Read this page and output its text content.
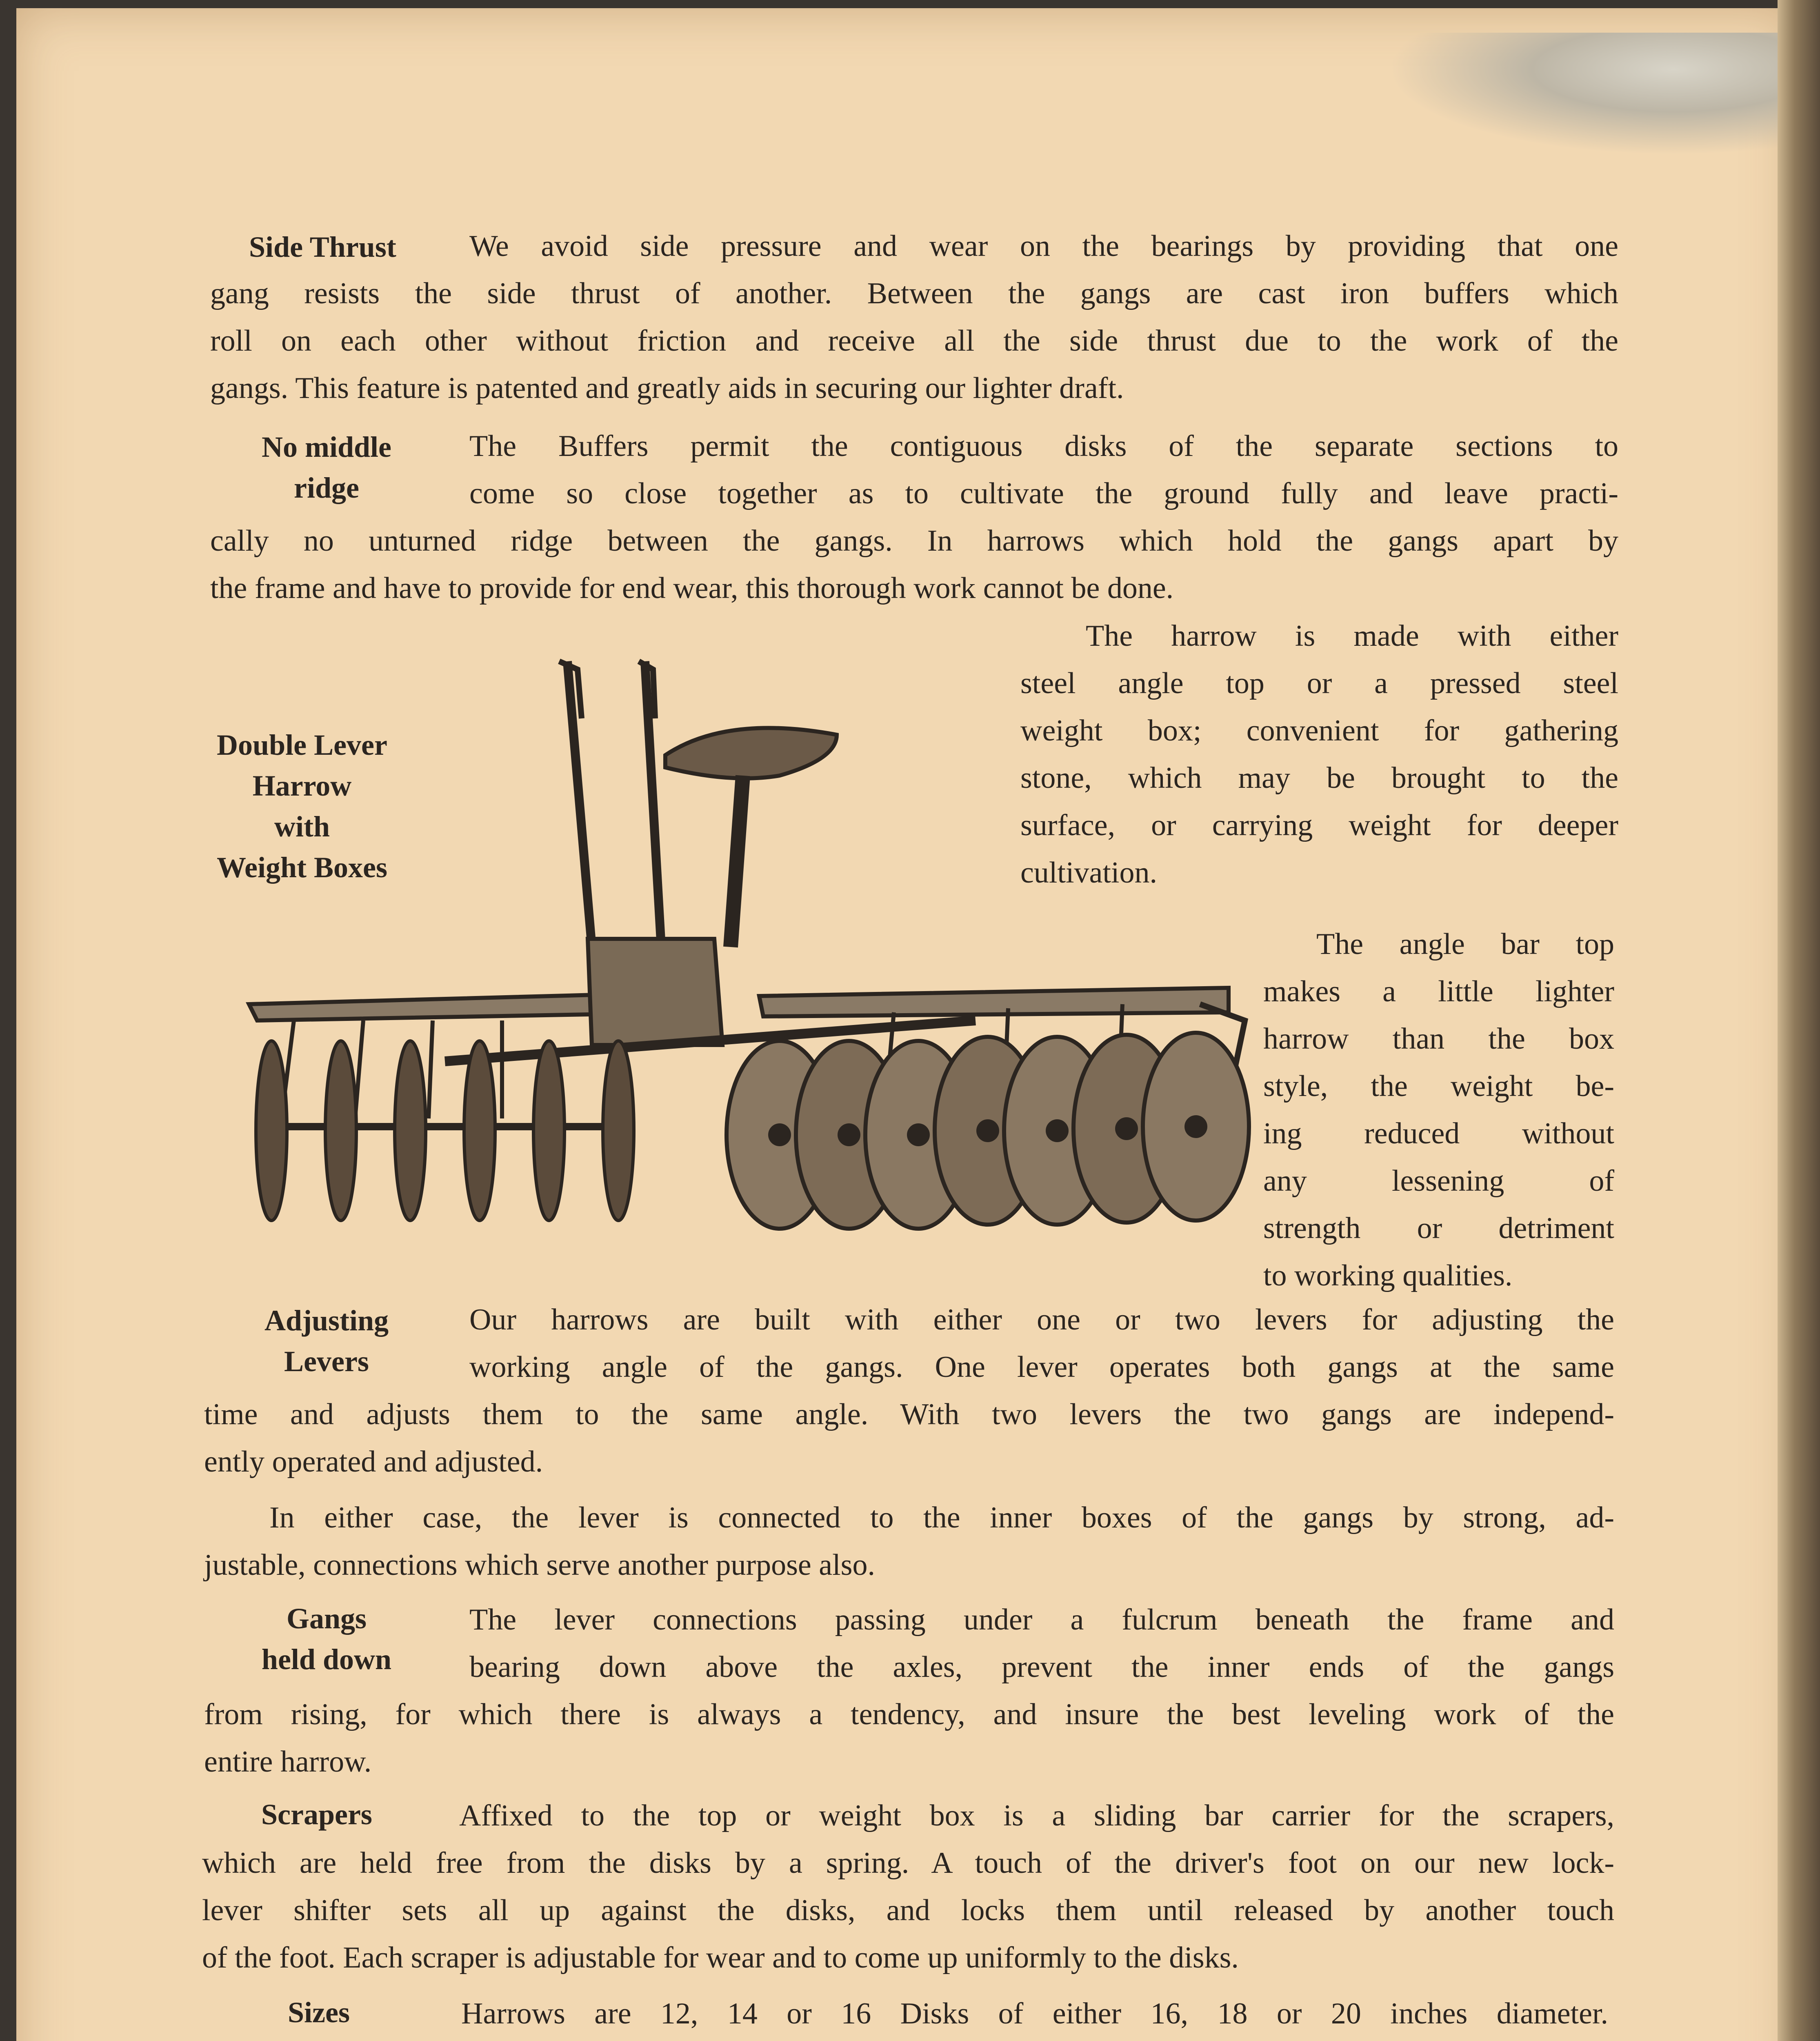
Side Thrust	We avoid side pressure and wear on the bearings by providing that one
gang resists the side thrust of another. Between the gangs are cast iron buffers which
roll on each other without friction and receive all the side thrust due to the work of the
gangs. This feature is patented and greatly aids in securing our lighter draft.
No middle
ridge
The Buffers permit the contiguous disks of the separate sections to
come so close together as to cultivate the ground fully and leave practi-
cally no unturned ridge between the gangs. In harrows which hold the gangs apart by
the frame and have to provide for end wear, this thorough work cannot be done.
The harrow is made with either
steel angle top or a pressed steel
weight box; convenient for gathering
stone, which may be brought to the
surface, or carrying weight for deeper
cultivation.
The angle bar top
makes a little lighter
harrow than the box
style, the weight be-
ing reduced without
any lessening of
strength or detriment
to working qualities.
Double Lever
Harrow
with
Weight Boxes
Adjusting
Levers
Our harrows are built with either one or two levers for adjusting the
working angle of the gangs. One lever operates both gangs at the same
time and adjusts them to the same angle. With two levers the two gangs are independ-
ently operated and adjusted.
In either case, the lever is connected to the inner boxes of the gangs by strong, ad-
justable, connections which serve another purpose also.
Gangs
held down
The lever connections passing under a fulcrum beneath the frame and
bearing down above the axles, prevent the inner ends of the gangs
from rising, for which there is always a tendency, and insure the best leveling work of the
entire harrow.
Scrapers	Affixed to the top or weight box is a sliding bar carrier for the scrapers,
which are held free from the disks by a spring. A touch of the driver's foot on our new lock-
lever shifter sets all up against the disks, and locks them until released by another touch
of the foot. Each scraper is adjustable for wear and to come up uniformly to the disks.
Sizes	Harrows are 12, 14 or 16 Disks of either 16, 18 or 20 inches diameter.
